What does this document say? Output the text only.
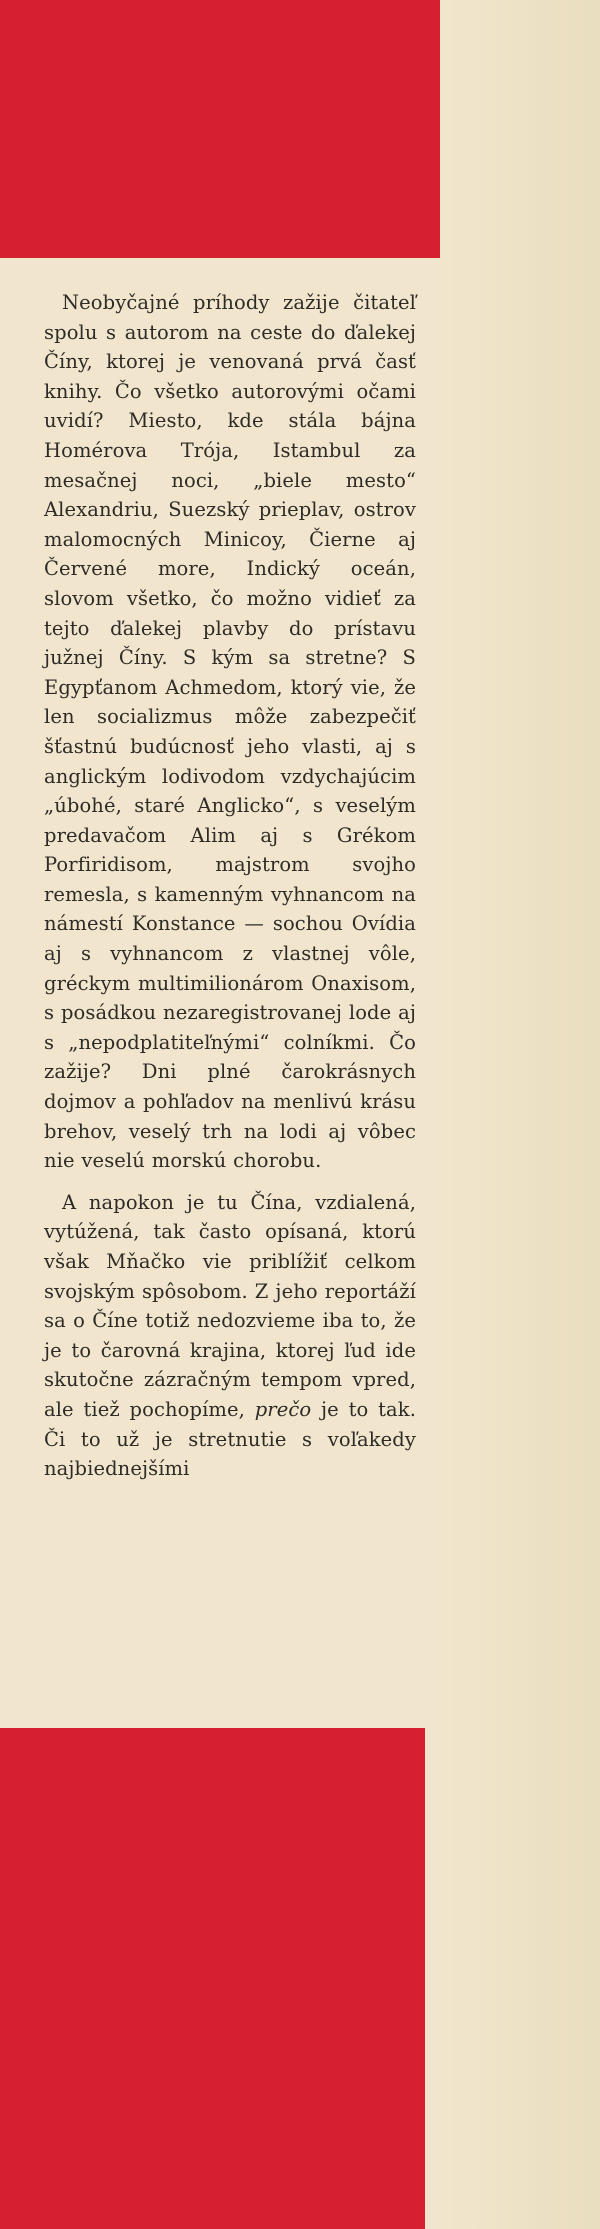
Neobyčajné príhody zažije čitateľ spolu s autorom na ceste do ďalekej Číny, ktorej je venovaná prvá časť knihy. Čo všetko autorovými očami uvidí? Miesto, kde stála bájna Homérova Trója, Istambul za mesačnej noci, „biele mesto“ Alexandriu, Suezský prieplav, ostrov malomocných Minicoy, Čierne aj Červené more, Indický oceán, slovom všetko, čo možno vidieť za tejto ďalekej plavby do prístavu južnej Číny. S kým sa stretne? S Egypťanom Achmedom, ktorý vie, že len socializmus môže zabezpečiť šťastnú budúcnosť jeho vlasti, aj s anglickým lodivodom vzdychajúcim „úbohé, staré Anglicko“, s veselým predavačom Alim aj s Grékom Porfiridisom, majstrom svojho remesla, s kamenným vyhnancom na námestí Konstance — sochou Ovídia aj s vyhnancom z vlastnej vôle, gréckym multimilionárom Onaxisom, s posádkou nezaregistrovanej lode aj s „nepodplatiteľnými“ colníkmi. Čo zažije? Dni plné čarokrásnych dojmov a pohľadov na menlivú krásu brehov, veselý trh na lodi aj vôbec nie veselú morskú chorobu.

A napokon je tu Čína, vzdialená, vytúžená, tak často opísaná, ktorú však Mňačko vie priblížiť celkom svojským spôsobom. Z jeho reportáží sa o Číne totiž nedozvieme iba to, že je to čarovná krajina, ktorej ľud ide skutočne zázračným tempom vpred, ale tiež pochopíme, prečo je to tak. Či to už je stretnutie s voľakedy najbiednejšími
